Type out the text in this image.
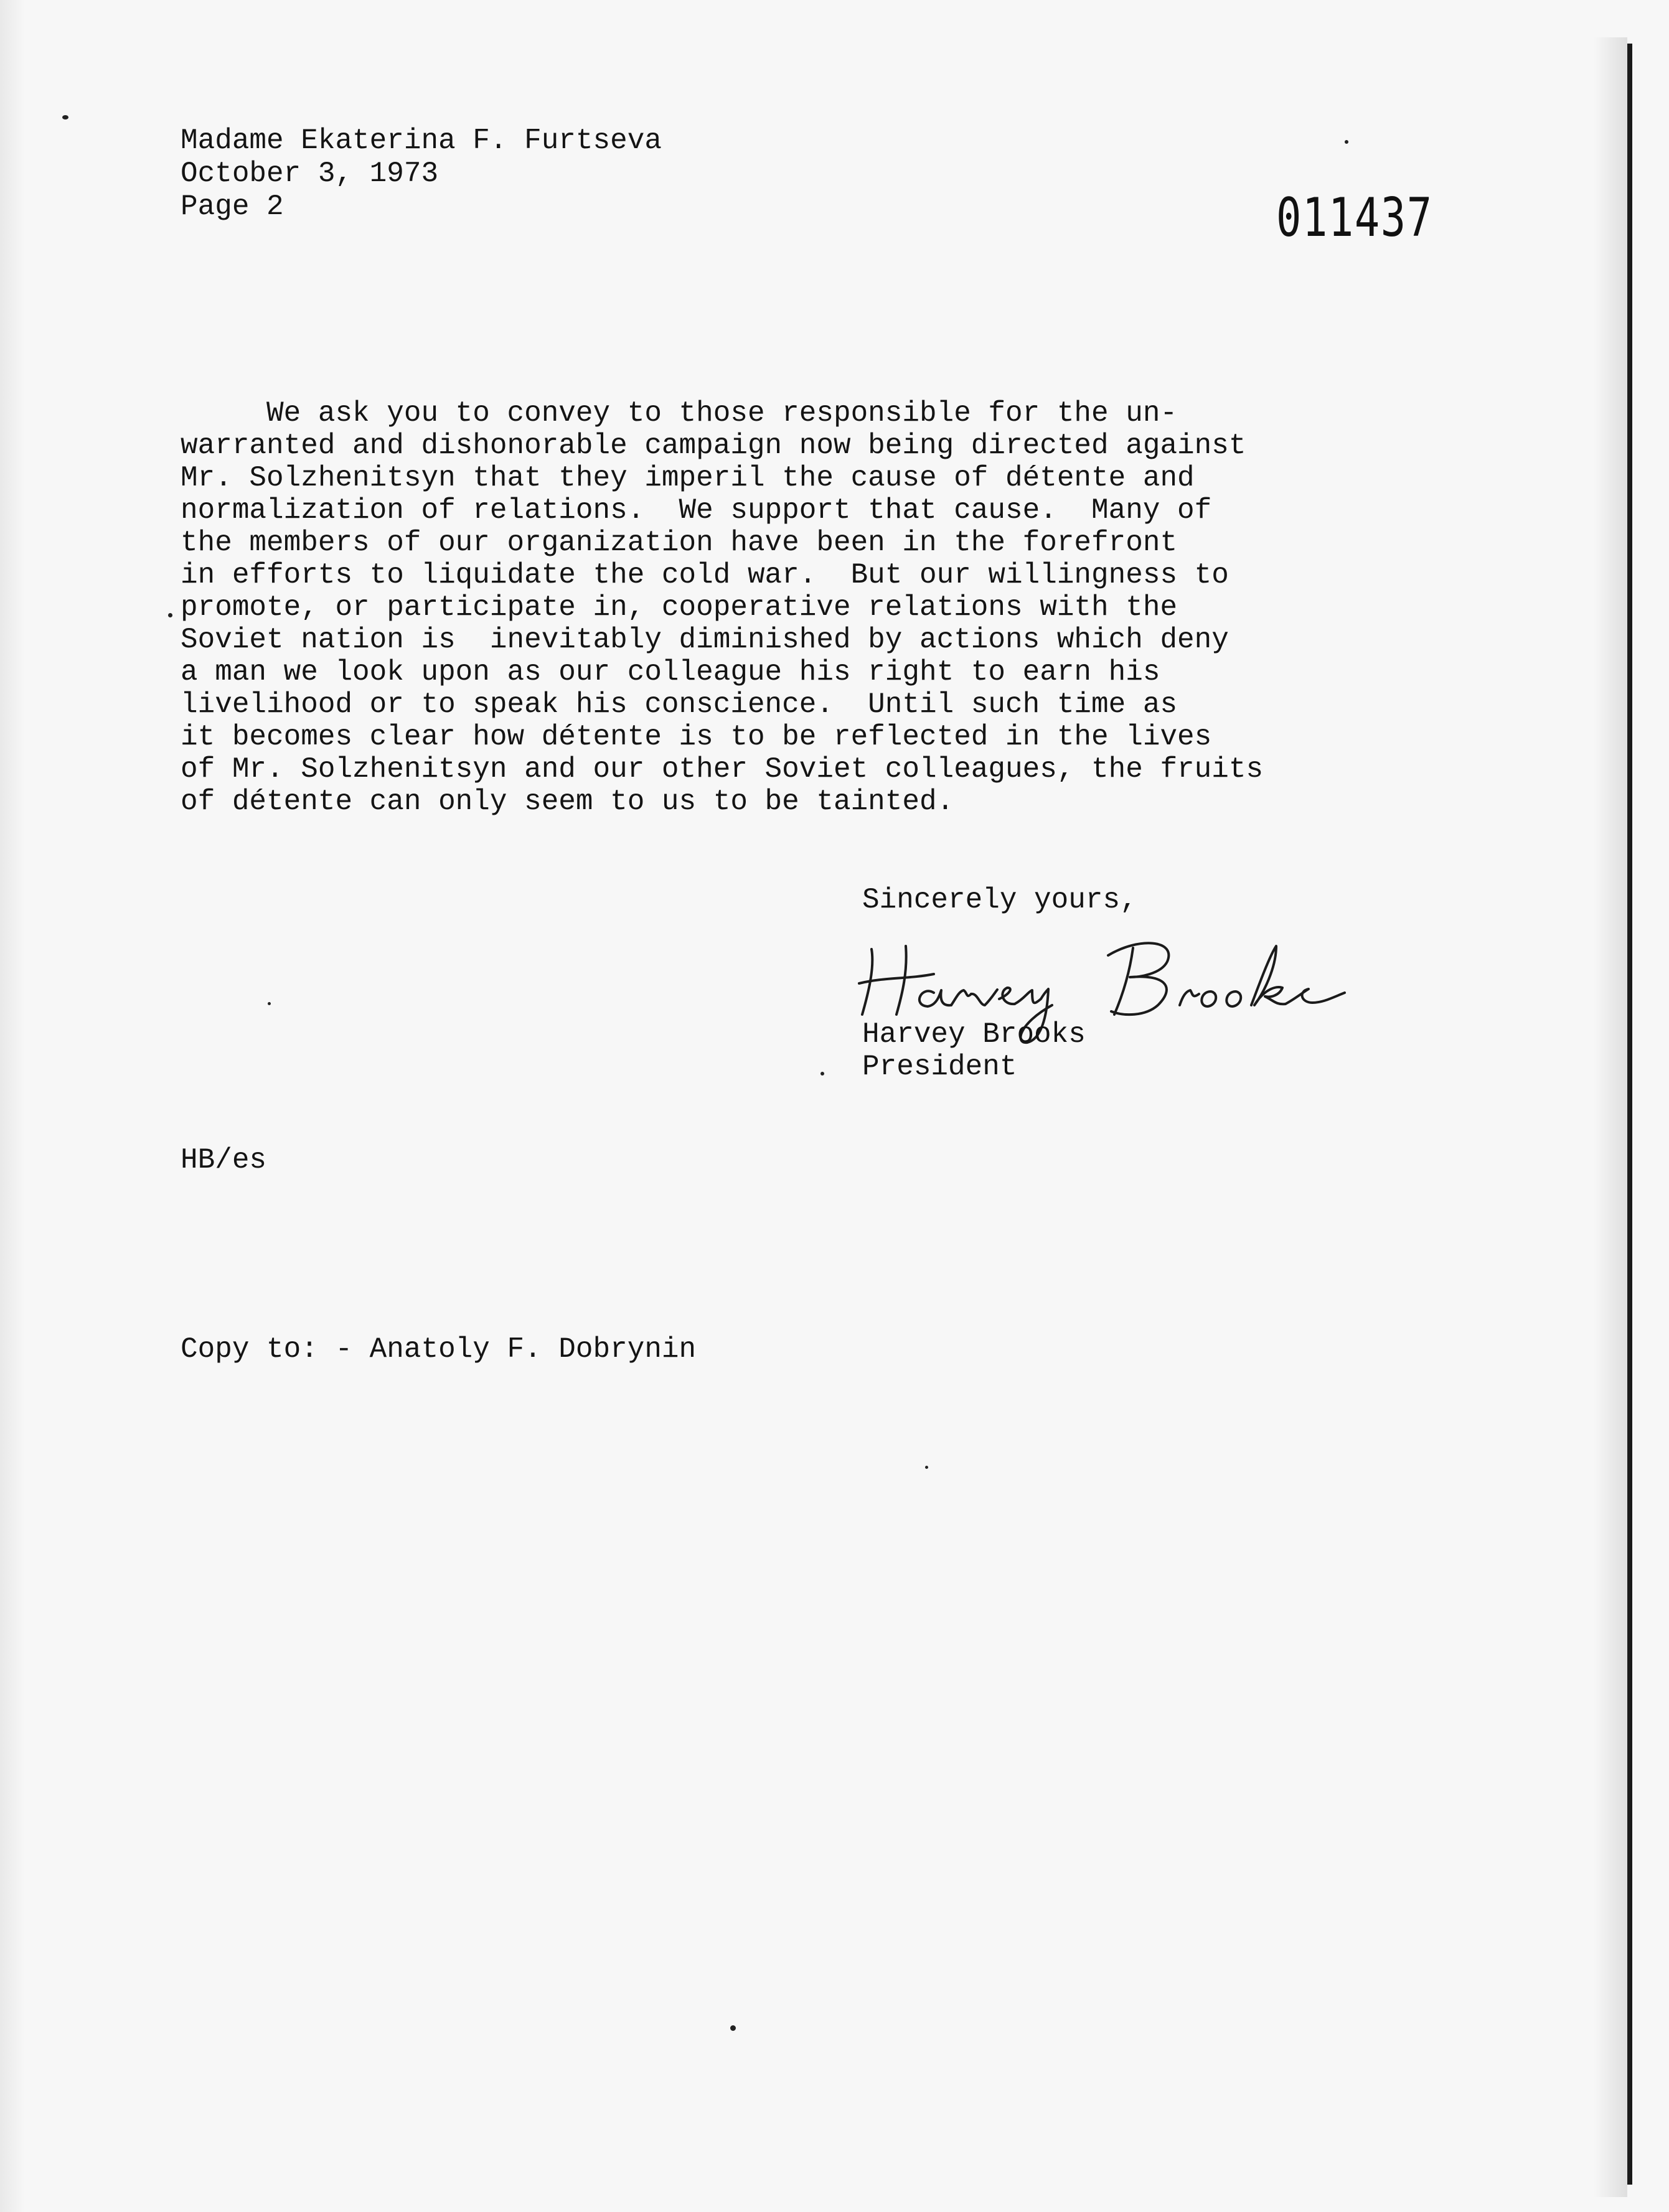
Madame Ekaterina F. Furtseva
October 3, 1973
Page 2	011437
We ask you to convey to those responsible for the un-
warranted and dishonorable campaign now being directed against
Mr. Solzhenitsyn that they imperil the cause of détente and
normalization of relations.  We support that cause.  Many of
the members of our organization have been in the forefront
in efforts to liquidate the cold war.  But our willingness to
promote, or participate in, cooperative relations with the
Soviet nation is  inevitably diminished by actions which deny
a man we look upon as our colleague his right to earn his
livelihood or to speak his conscience.  Until such time as
it becomes clear how détente is to be reflected in the lives
of Mr. Solzhenitsyn and our other Soviet colleagues, the fruits
of détente can only seem to us to be tainted.
Sincerely yours,
Harvey Brooks
President
HB/es
Copy to: - Anatoly F. Dobrynin
